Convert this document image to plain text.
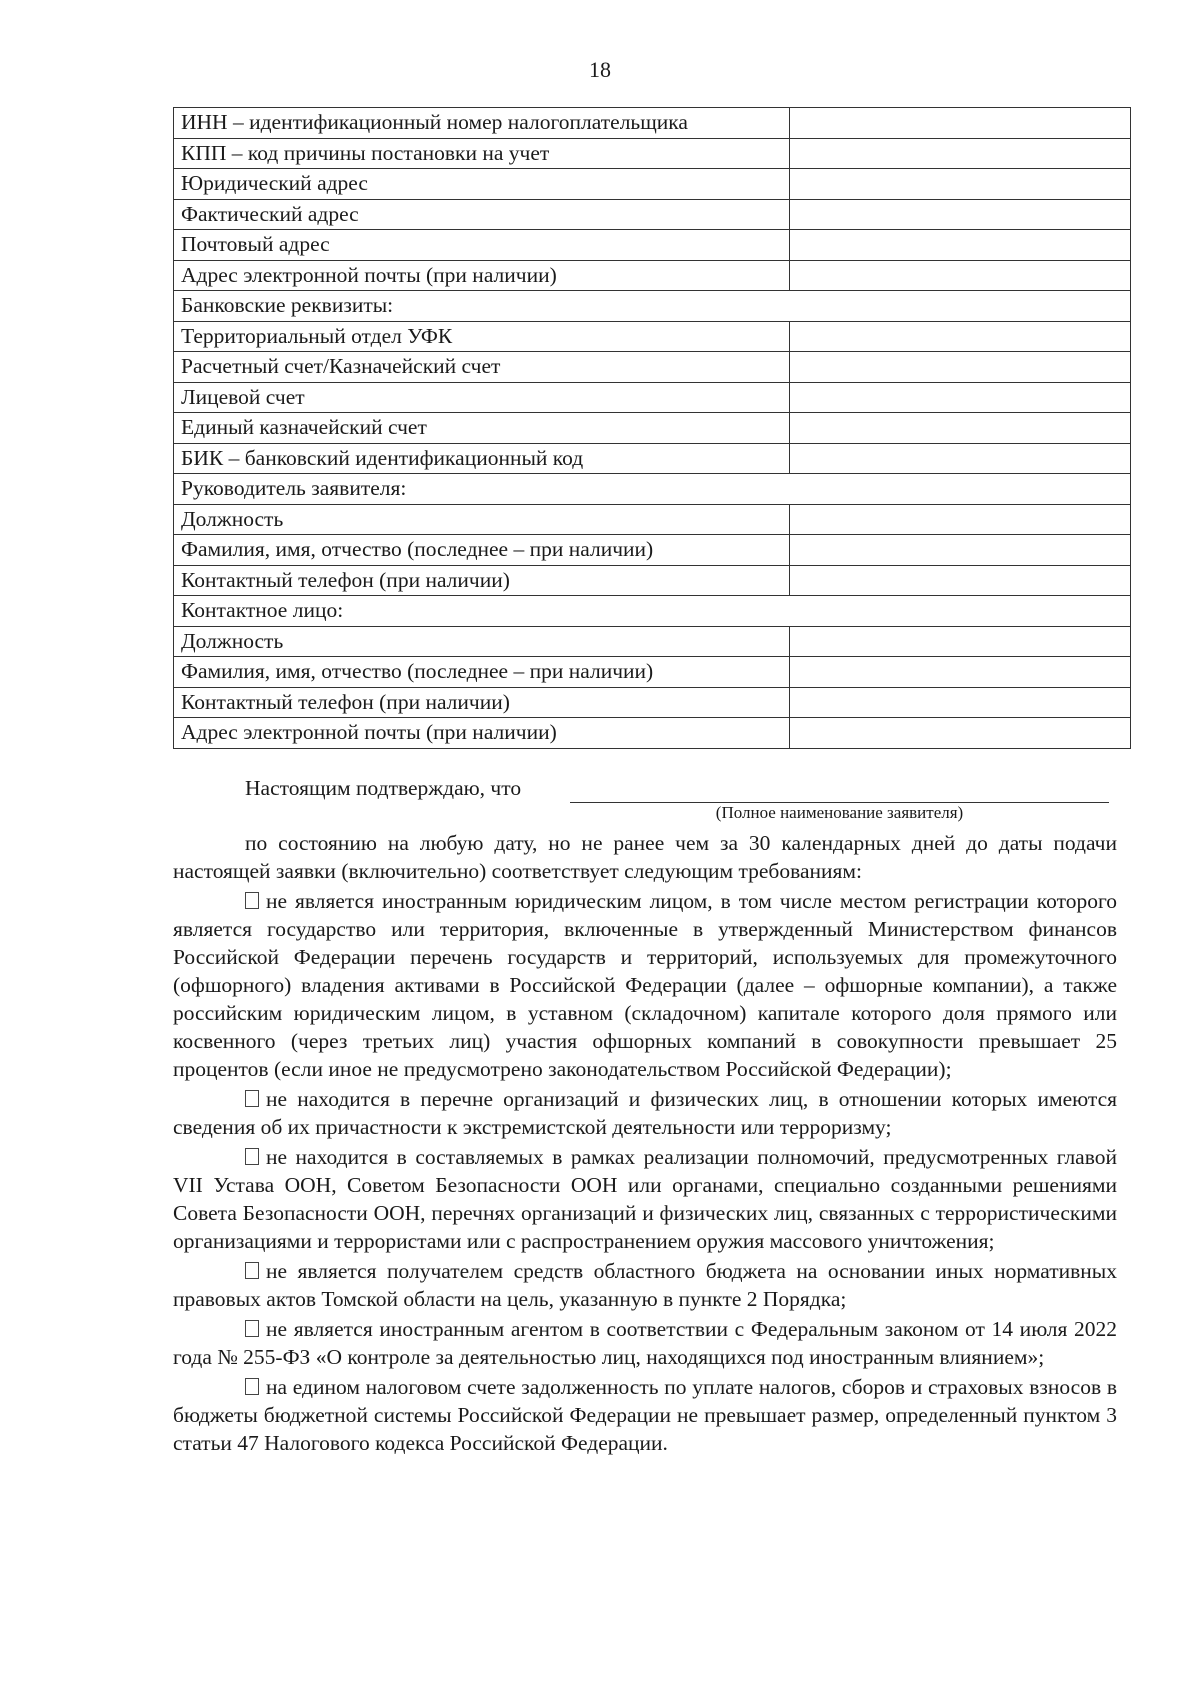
18
ИНН – идентификационный номер налогоплательщика	
КПП – код причины постановки на учет	
Юридический адрес	
Фактический адрес	
Почтовый адрес	
Адрес электронной почты (при наличии)	
Банковские реквизиты:	
Территориальный отдел УФК	
Расчетный счет/Казначейский счет	
Лицевой счет	
Единый казначейский счет	
БИК – банковский идентификационный код	
Руководитель заявителя:	
Должность	
Фамилия, имя, отчество (последнее – при наличии)	
Контактный телефон (при наличии)	
Контактное лицо:	
Должность	
Фамилия, имя, отчество (последнее – при наличии)	
Контактный телефон (при наличии)	
Адрес электронной почты (при наличии)	
Настоящим подтверждаю, что
(Полное наименование заявителя)

по состоянию на любую дату, но не ранее чем за 30 календарных дней до даты подачи настоящей заявки (включительно) соответствует следующим требованиям:

не является иностранным юридическим лицом, в том числе местом регистрации которого является государство или территория, включенные в утвержденный Министерством финансов Российской Федерации перечень государств и территорий, используемых для промежуточного (офшорного) владения активами в Российской Федерации (далее – офшорные компании), а также российским юридическим лицом, в уставном (складочном) капитале которого доля прямого или косвенного (через третьих лиц) участия офшорных компаний в совокупности превышает 25 процентов (если иное не предусмотрено законодательством Российской Федерации);

не находится в перечне организаций и физических лиц, в отношении которых имеются сведения об их причастности к экстремистской деятельности или терроризму;

не находится в составляемых в рамках реализации полномочий, предусмотренных главой VII Устава ООН, Советом Безопасности ООН или органами, специально созданными решениями Совета Безопасности ООН, перечнях организаций и физических лиц, связанных с террористическими организациями и террористами или с распространением оружия массового уничтожения;

не является получателем средств областного бюджета на основании иных нормативных правовых актов Томской области на цель, указанную в пункте 2 Порядка;

не является иностранным агентом в соответствии с Федеральным законом от 14 июля 2022 года № 255-ФЗ «О контроле за деятельностью лиц, находящихся под иностранным влиянием»;

на едином налоговом счете задолженность по уплате налогов, сборов и страховых взносов в бюджеты бюджетной системы Российской Федерации не превышает размер, определенный пунктом 3 статьи 47 Налогового кодекса Российской Федерации.
